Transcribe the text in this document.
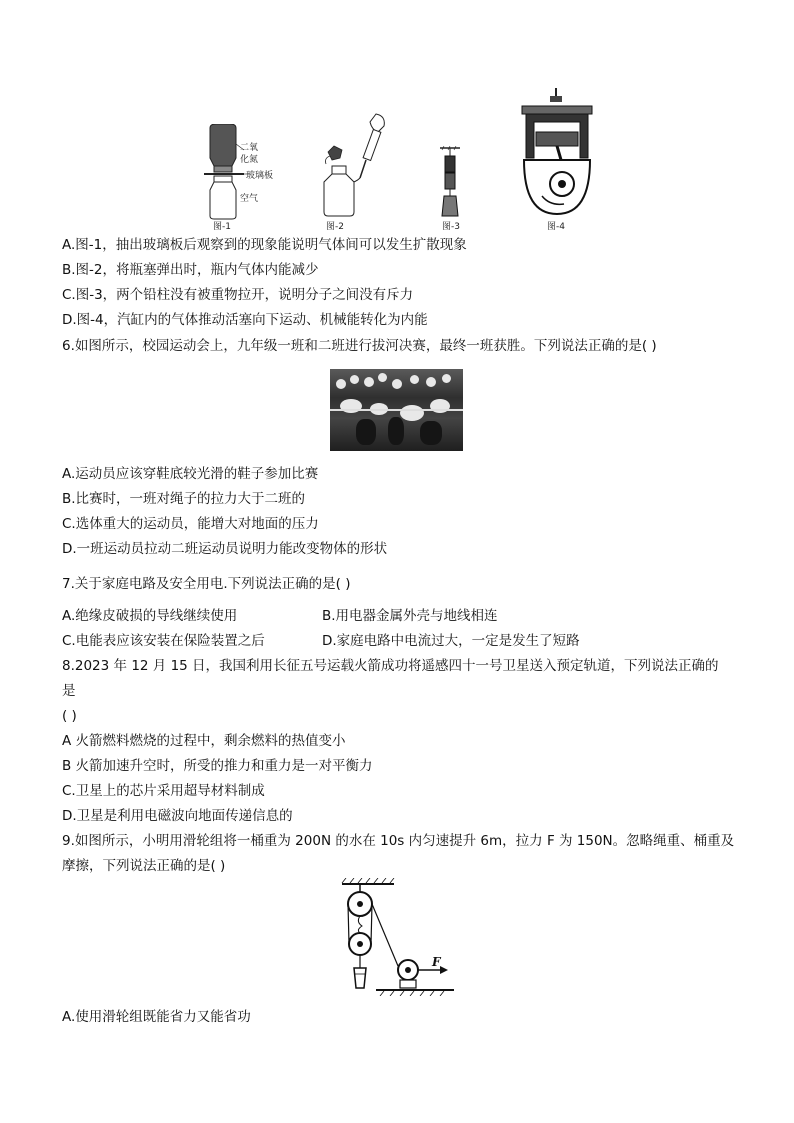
二氧
化氮
玻璃板
空气
图-1	图-2	图-3	图-4
A.图-1，抽出玻璃板后观察到的现象能说明气体间可以发生扩散现象
B.图-2，将瓶塞弹出时，瓶内气体内能减少
C.图-3，两个铅柱没有被重物拉开，说明分子之间没有斥力
D.图-4，汽缸内的气体推动活塞向下运动、机械能转化为内能
6.如图所示，校园运动会上，九年级一班和二班进行拔河决赛，最终一班获胜。下列说法正确的是( )
A.运动员应该穿鞋底较光滑的鞋子参加比赛
B.比赛时，一班对绳子的拉力大于二班的
C.选体重大的运动员，能增大对地面的压力
D.一班运动员拉动二班运动员说明力能改变物体的形状
7.关于家庭电路及安全用电.下列说法正确的是( )
A.绝缘皮破损的导线继续使用	B.用电器金属外壳与地线相连
C.电能表应该安装在保险装置之后	D.家庭电路中电流过大，一定是发生了短路
8.2023 年 12 月 15 日，我国利用长征五号运载火箭成功将遥感四十一号卫星送入预定轨道，下列说法正确的
是
( )
A 火箭燃料燃烧的过程中，剩余燃料的热值变小
B 火箭加速升空时，所受的推力和重力是一对平衡力
C.卫星上的芯片采用超导材料制成
D.卫星是利用电磁波向地面传递信息的
9.如图所示，小明用滑轮组将一桶重为 200N 的水在 10s 内匀速提升 6m，拉力 F 为 150N。忽略绳重、桶重及
摩擦，下列说法正确的是( )
F
A.使用滑轮组既能省力又能省功
